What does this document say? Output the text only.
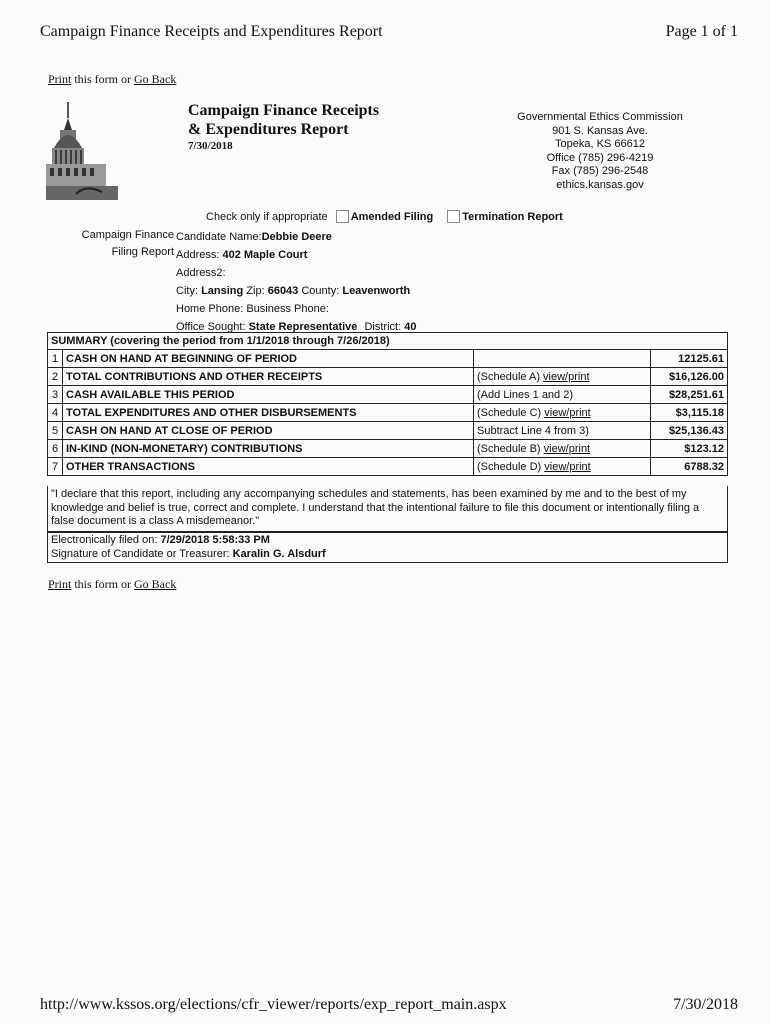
Campaign Finance Receipts and Expenditures Report	Page 1 of 1
Print this form or Go Back
Campaign Finance Receipts
& Expenditures Report
7/30/2018
Governmental Ethics Commission
901 S. Kansas Ave.
Topeka, KS 66612
Office (785) 296-4219
Fax (785) 296-2548
ethics.kansas.gov
Check only if appropriate Amended Filing	Termination Report
Campaign Finance
Filing Report
Candidate Name:Debbie Deere
Address: 402 Maple Court
Address2:
City: Lansing Zip: 66043 County: Leavenworth
Home Phone: Business Phone:
Office Sought: State Representative District: 40
SUMMARY (covering the period from 1/1/2018 through 7/26/2018)			
1	CASH ON HAND AT BEGINNING OF PERIOD		12125.61
2	TOTAL CONTRIBUTIONS AND OTHER RECEIPTS	(Schedule A) view/print	$16,126.00
3	CASH AVAILABLE THIS PERIOD	(Add Lines 1 and 2)	$28,251.61
4	TOTAL EXPENDITURES AND OTHER DISBURSEMENTS	(Schedule C) view/print	$3,115.18
5	CASH ON HAND AT CLOSE OF PERIOD	Subtract Line 4 from 3)	$25,136.43
6	IN-KIND (NON-MONETARY) CONTRIBUTIONS	(Schedule B) view/print	$123.12
7	OTHER TRANSACTIONS	(Schedule D) view/print	6788.32
"I declare that this report, including any accompanying schedules and statements, has been examined by me and to the best of my knowledge and belief is true, correct and complete. I understand that the intentional failure to file this document or intentionally filing a false document is a class A misdemeanor."
Electronically filed on: 7/29/2018 5:58:33 PM
Signature of Candidate or Treasurer: Karalin G. Alsdurf
Print this form or Go Back
http://www.kssos.org/elections/cfr_viewer/reports/exp_report_main.aspx	7/30/2018
